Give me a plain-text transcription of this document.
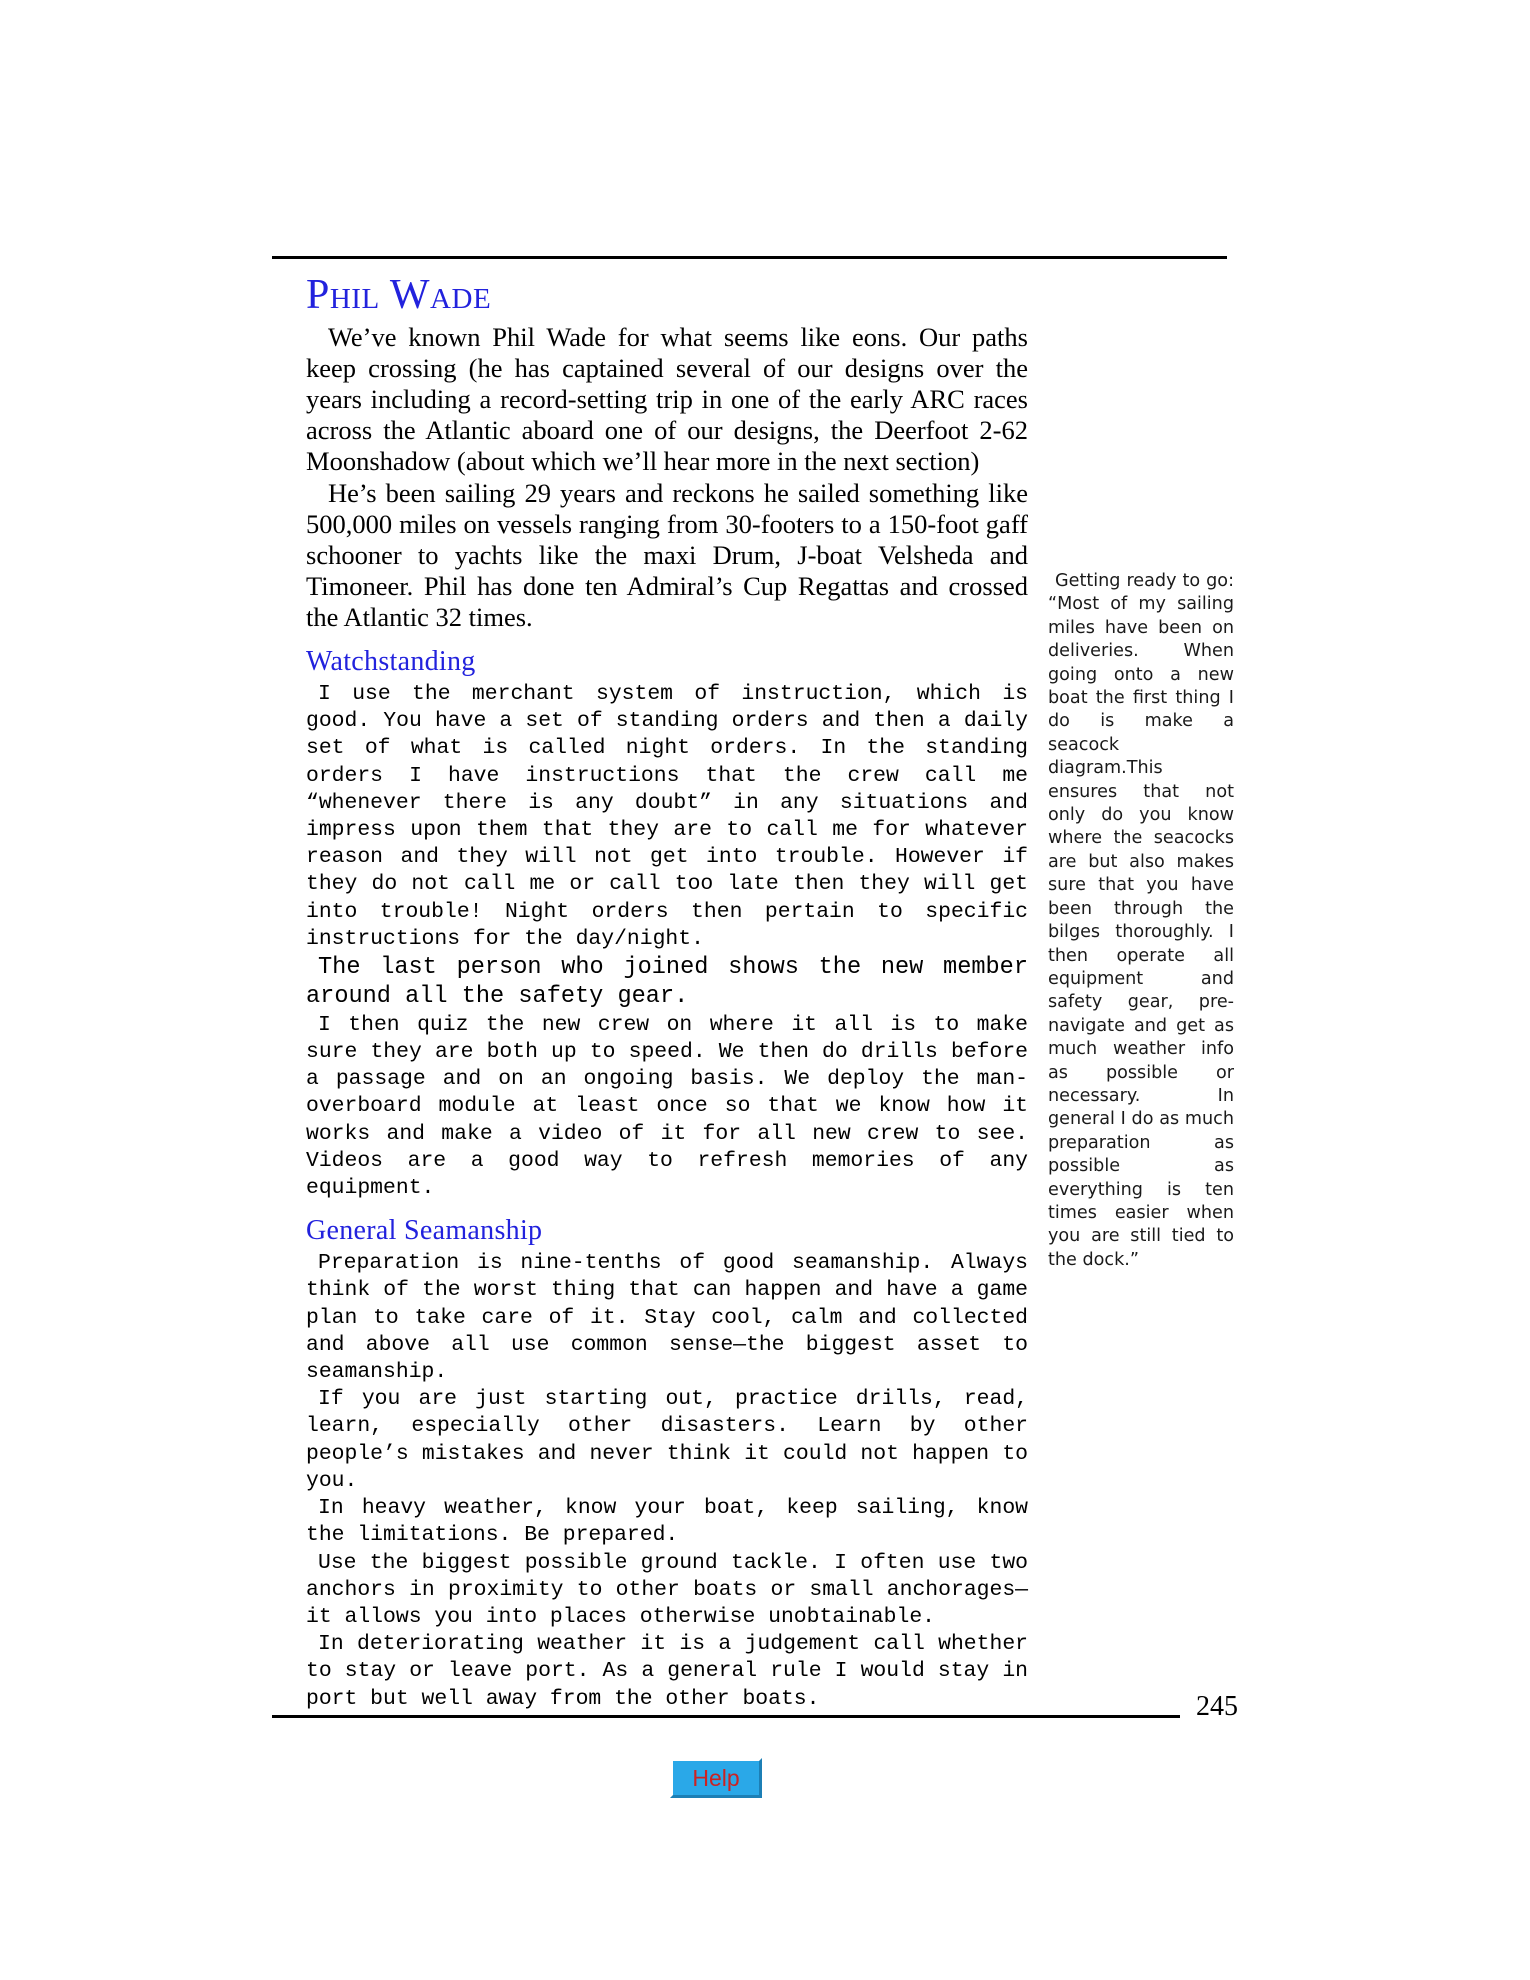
Phil Wade

We’ve known Phil Wade for what seems like eons. Our paths keep crossing (he has captained several of our designs over the years including a record-setting trip in one of the early ARC races across the Atlantic aboard one of our designs, the Deerfoot 2-62 Moonshadow (about which we’ll hear more in the next section)

He’s been sailing 29 years and reckons he sailed something like 500,000 miles on vessels ranging from 30-footers to a 150-foot gaff schooner to yachts like the maxi Drum, J-boat Velsheda and Timoneer. Phil has done ten Admiral’s Cup Regattas and crossed the Atlantic 32 times.

Watchstanding

I use the merchant system of instruction, which is good. You have a set of standing orders and then a daily set of what is called night orders. In the standing orders I have instructions that the crew call me “whenever there is any doubt” in any situations and impress upon them that they are to call me for whatever reason and they will not get into trouble. However if they do not call me or call too late then they will get into trouble! Night orders then pertain to specific instructions for the day/night.

The last person who joined shows the new member around all the safety gear.

I then quiz the new crew on where it all is to make sure they are both up to speed. We then do drills before a passage and on an ongoing basis. We deploy the man-overboard module at least once so that we know how it works and make a video of it for all new crew to see. Videos are a good way to refresh memories of any equipment.

General Seamanship

Preparation is nine-tenths of good seamanship. Always think of the worst thing that can happen and have a game plan to take care of it. Stay cool, calm and collected and above all use common sense—the biggest asset to seamanship.

If you are just starting out, practice drills, read, learn, especially other disasters. Learn by other people’s mistakes and never think it could not happen to you.

In heavy weather, know your boat, keep sailing, know the limitations. Be prepared.

Use the biggest possible ground tackle. I often use two anchors in proximity to other boats or small anchorages—it allows you into places otherwise unobtainable.

In deteriorating weather it is a judgement call whether to stay or leave port. As a general rule I would stay in port but well away from the other boats.

Getting ready to go: “Most of my sailing miles have been on deliveries. When going onto a new boat the first thing I do is make a seacock diagram.This ensures that not only do you know where the seacocks are but also makes sure that you have been through the bilges thoroughly. I then operate all equipment and safety gear, pre-navigate and get as much weather info as possible or necessary. In general I do as much preparation as possible as everything is ten times easier when you are still tied to the dock.”
245
Help
